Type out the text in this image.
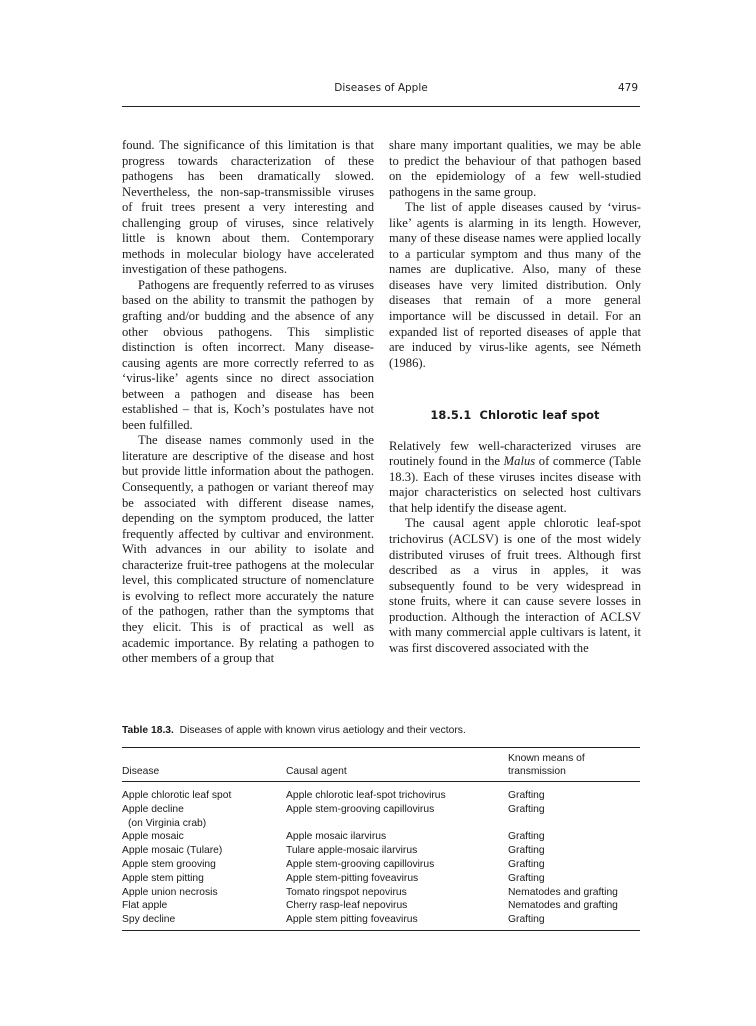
Diseases of Apple	479

found. The significance of this limitation is that progress towards characterization of these pathogens has been dramatically slowed. Nevertheless, the non-sap-transmissible viruses of fruit trees present a very interesting and challenging group of viruses, since relatively little is known about them. Contemporary methods in molecular biology have accelerated investigation of these pathogens.

Pathogens are frequently referred to as viruses based on the ability to transmit the pathogen by grafting and/or budding and the absence of any other obvious pathogens. This simplistic distinction is often incorrect. Many disease-causing agents are more correctly referred to as ‘virus-like’ agents since no direct association between a pathogen and disease has been established – that is, Koch’s postulates have not been fulfilled.

The disease names commonly used in the literature are descriptive of the disease and host but provide little information about the pathogen. Consequently, a pathogen or variant thereof may be associated with different disease names, depending on the symptom produced, the latter frequently affected by cultivar and environment. With advances in our ability to isolate and characterize fruit-tree pathogens at the molecular level, this complicated structure of nomenclature is evolving to reflect more accurately the nature of the pathogen, rather than the symptoms that they elicit. This is of practical as well as academic importance. By relating a pathogen to other members of a group that

share many important qualities, we may be able to predict the behaviour of that pathogen based on the epidemiology of a few well-studied pathogens in the same group.

The list of apple diseases caused by ‘virus-like’ agents is alarming in its length. However, many of these disease names were applied locally to a particular symptom and thus many of the names are duplicative. Also, many of these diseases have very limited distribution. Only diseases that remain of a more general importance will be discussed in detail. For an expanded list of reported diseases of apple that are induced by virus-like agents, see Németh (1986).

18.5.1 Chlorotic leaf spot

Relatively few well-characterized viruses are routinely found in the Malus of commerce (Table 18.3). Each of these viruses incites disease with major characteristics on selected host cultivars that help identify the disease agent.

The causal agent apple chlorotic leaf-spot trichovirus (ACLSV) is one of the most widely distributed viruses of fruit trees. Although first described as a virus in apples, it was subsequently found to be very widespread in stone fruits, where it can cause severe losses in production. Although the interaction of ACLSV with many commercial apple cultivars is latent, it was first discovered associated with the

Table 18.3. Diseases of apple with known virus aetiology and their vectors.

Disease	Causal agent	Known means of transmission
Apple chlorotic leaf spot	Apple chlorotic leaf-spot trichovirus	Grafting
Apple decline	Apple stem-grooving capillovirus	Grafting
(on Virginia crab)		
Apple mosaic	Apple mosaic ilarvirus	Grafting
Apple mosaic (Tulare)	Tulare apple-mosaic ilarvirus	Grafting
Apple stem grooving	Apple stem-grooving capillovirus	Grafting
Apple stem pitting	Apple stem-pitting foveavirus	Grafting
Apple union necrosis	Tomato ringspot nepovirus	Nematodes and grafting
Flat apple	Cherry rasp-leaf nepovirus	Nematodes and grafting
Spy decline	Apple stem pitting foveavirus	Grafting
